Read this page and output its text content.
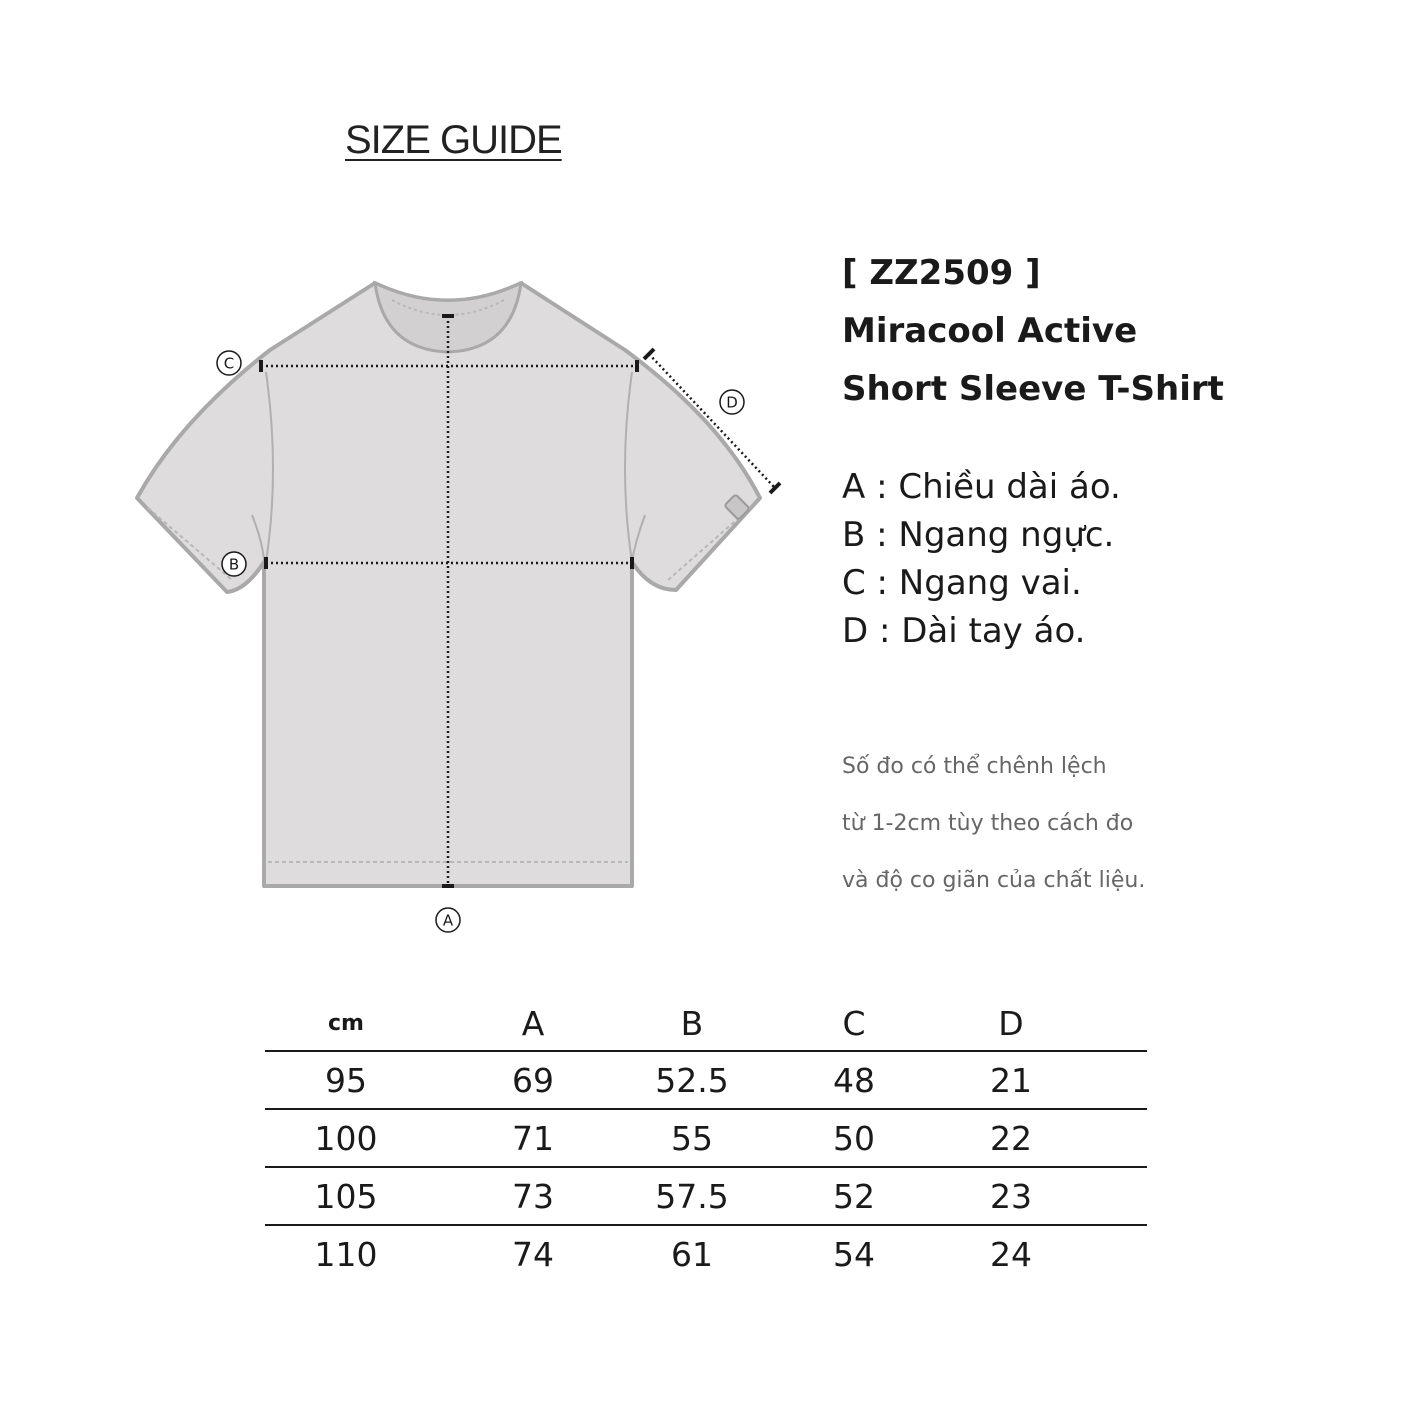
SIZE GUIDE
C
D
B
A
[ ZZ2509 ]
Miracool Active
Short Sleeve T-Shirt
A : Chiều dài áo.
B : Ngang ngực.
C : Ngang vai.
D : Dài tay áo.
Số đo có thể chênh lệch
từ 1-2cm tùy theo cách đo
và độ co giãn của chất liệu.
cm	A	B	C	D	
95	69	52.5	48	21	
100	71	55	50	22	
105	73	57.5	52	23	
110	74	61	54	24	
